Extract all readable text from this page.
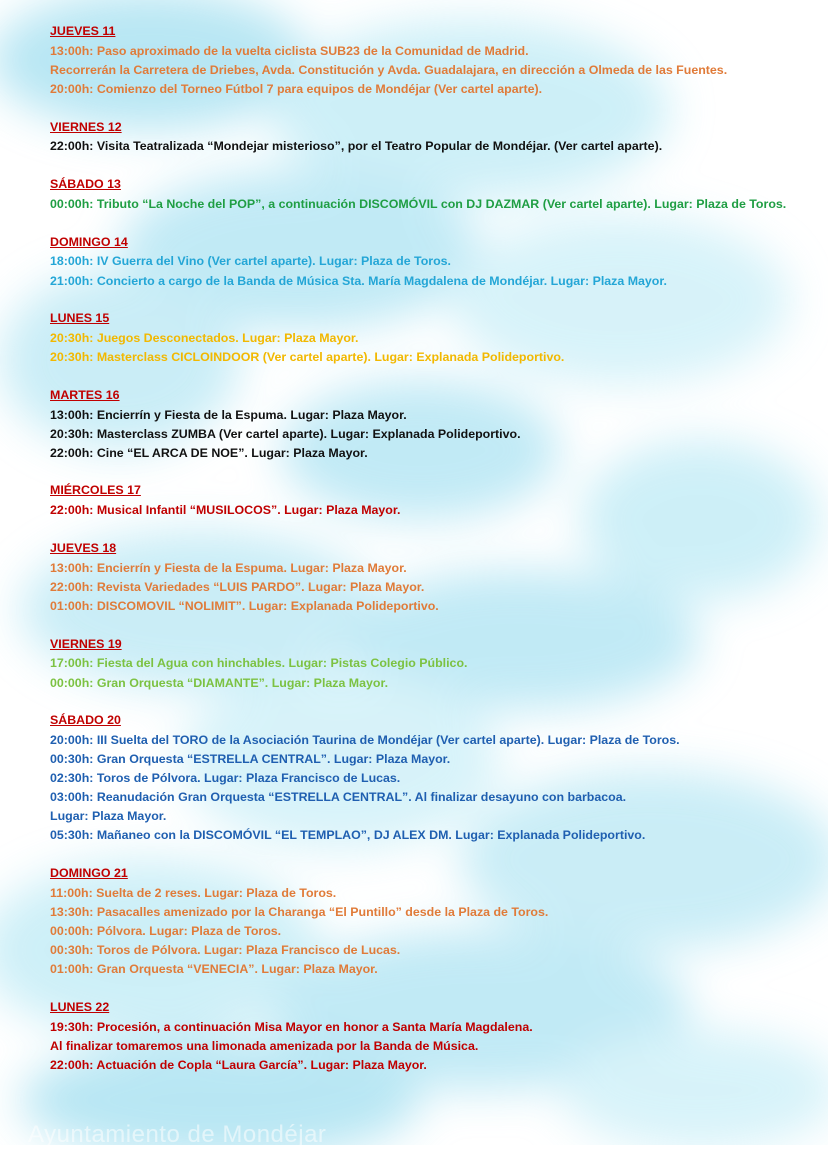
JUEVES 11
13:00h: Paso aproximado de la vuelta ciclista SUB23 de la Comunidad de Madrid.
Recorrerán la Carretera de Driebes, Avda. Constitución y Avda. Guadalajara, en dirección a Olmeda de las Fuentes.
20:00h: Comienzo del Torneo Fútbol 7 para equipos de Mondéjar (Ver cartel aparte).
VIERNES 12
22:00h: Visita Teatralizada “Mondejar misterioso”, por el Teatro Popular de Mondéjar. (Ver cartel aparte).
SÁBADO 13
00:00h: Tributo “La Noche del POP”, a continuación DISCOMÓVIL con DJ DAZMAR (Ver cartel aparte). Lugar: Plaza de Toros.
DOMINGO 14
18:00h: IV Guerra del Vino (Ver cartel aparte). Lugar: Plaza de Toros.
21:00h: Concierto a cargo de la Banda de Música Sta. María Magdalena de Mondéjar. Lugar: Plaza Mayor.
LUNES 15
20:30h: Juegos Desconectados. Lugar: Plaza Mayor.
20:30h: Masterclass CICLOINDOOR (Ver cartel aparte). Lugar: Explanada Polideportivo.
MARTES 16
13:00h: Encierrín y Fiesta de la Espuma. Lugar: Plaza Mayor.
20:30h: Masterclass ZUMBA (Ver cartel aparte). Lugar: Explanada Polideportivo.
22:00h: Cine “EL ARCA DE NOE”. Lugar: Plaza Mayor.
MIÉRCOLES 17
22:00h: Musical Infantil “MUSILOCOS”. Lugar: Plaza Mayor.
JUEVES 18
13:00h: Encierrín y Fiesta de la Espuma. Lugar: Plaza Mayor.
22:00h: Revista Variedades “LUIS PARDO”. Lugar: Plaza Mayor.
01:00h: DISCOMOVIL “NOLIMIT”. Lugar: Explanada Polideportivo.
VIERNES 19
17:00h: Fiesta del Agua con hinchables. Lugar: Pistas Colegio Público.
00:00h: Gran Orquesta “DIAMANTE”. Lugar: Plaza Mayor.
SÁBADO 20
20:00h: III Suelta del TORO de la Asociación Taurina de Mondéjar (Ver cartel aparte). Lugar: Plaza de Toros.
00:30h: Gran Orquesta “ESTRELLA CENTRAL”. Lugar: Plaza Mayor.
02:30h: Toros de Pólvora. Lugar: Plaza Francisco de Lucas.
03:00h: Reanudación Gran Orquesta “ESTRELLA CENTRAL”. Al finalizar desayuno con barbacoa.
Lugar: Plaza Mayor.
05:30h: Mañaneo con la DISCOMÓVIL “EL TEMPLAO”, DJ ALEX DM. Lugar: Explanada Polideportivo.
DOMINGO 21
11:00h: Suelta de 2 reses. Lugar: Plaza de Toros.
13:30h: Pasacalles amenizado por la Charanga “El Puntillo” desde la Plaza de Toros.
00:00h: Pólvora. Lugar: Plaza de Toros.
00:30h: Toros de Pólvora. Lugar: Plaza Francisco de Lucas.
01:00h: Gran Orquesta “VENECIA”. Lugar: Plaza Mayor.
LUNES 22
19:30h: Procesión, a continuación Misa Mayor en honor a Santa María Magdalena.
Al finalizar tomaremos una limonada amenizada por la Banda de Música.
22:00h: Actuación de Copla “Laura García”. Lugar: Plaza Mayor.
Ayuntamiento de Mondéjar
